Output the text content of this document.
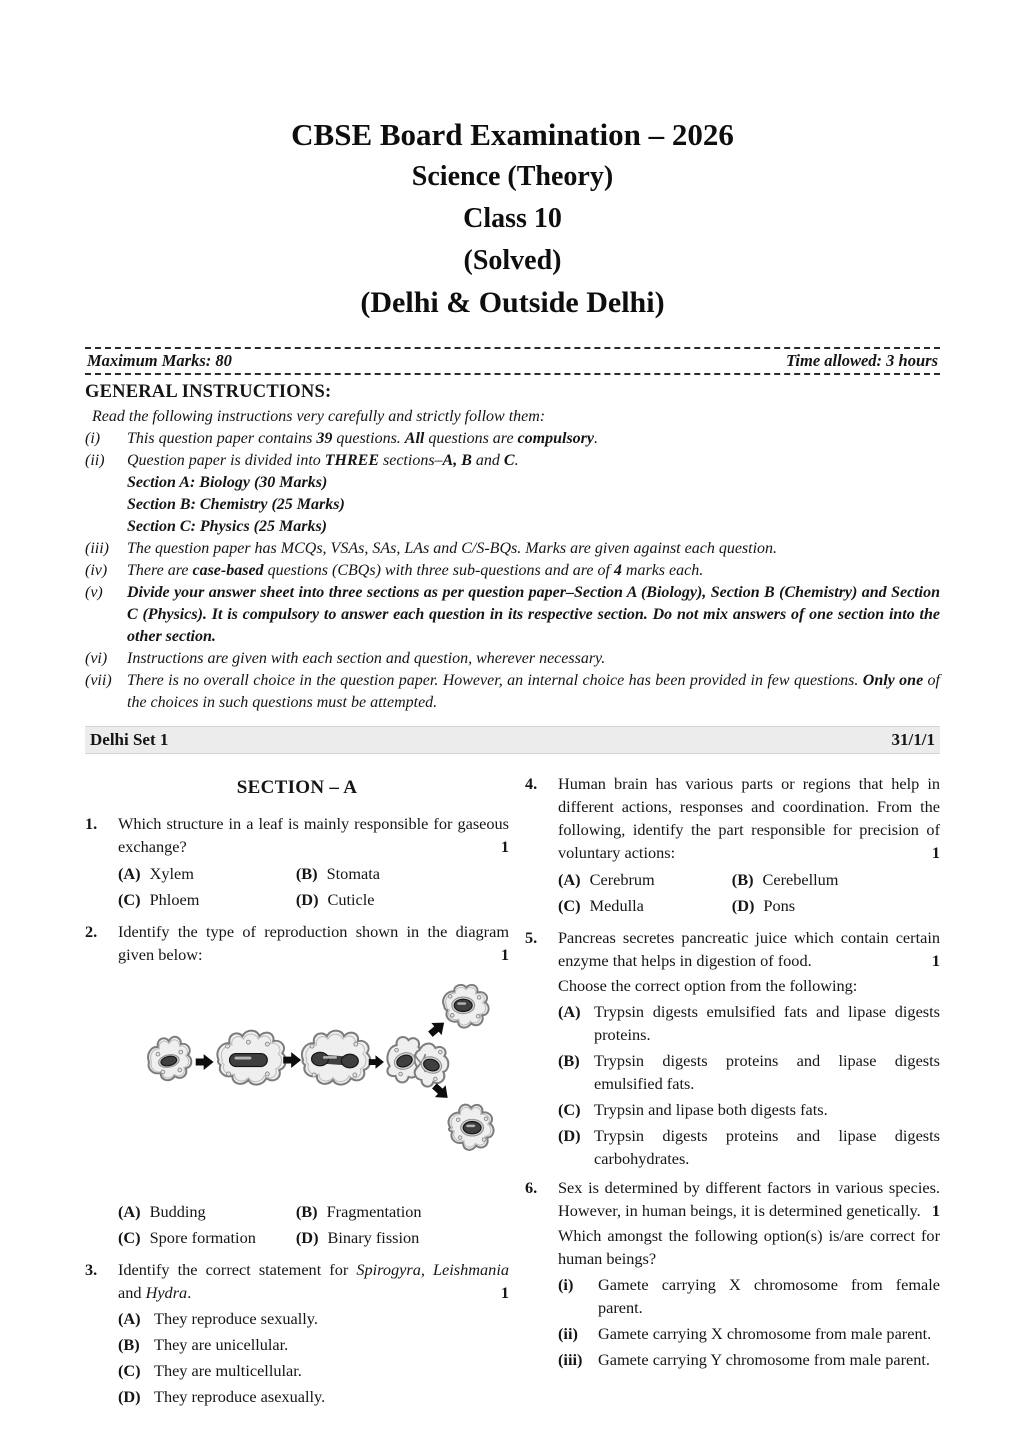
CBSE Board Examination – 2026
Science (Theory)
Class 10
(Solved)
(Delhi & Outside Delhi)
Maximum Marks: 80	Time allowed: 3 hours
GENERAL INSTRUCTIONS:
Read the following instructions very carefully and strictly follow them:
(i)	This question paper contains 39 questions. All questions are compulsory.
(ii)	Question paper is divided into THREE sections–A, B and C.
Section A: Biology (30 Marks)
Section B: Chemistry (25 Marks)
Section C: Physics (25 Marks)
(iii)	The question paper has MCQs, VSAs, SAs, LAs and C/S-BQs. Marks are given against each question.
(iv)	There are case-based questions (CBQs) with three sub-questions and are of 4 marks each.
(v)	Divide your answer sheet into three sections as per question paper–Section A (Biology), Section B (Chemistry) and Section C (Physics). It is compulsory to answer each question in its respective section. Do not mix answers of one section into the other section.
(vi)	Instructions are given with each section and question, wherever necessary.
(vii) There is no overall choice in the question paper. However, an internal choice has been provided in few questions. Only one of the choices in such questions must be attempted.
Delhi Set 1	31/1/1
SECTION – A
1.	Which structure in a leaf is mainly responsible for gaseous exchange?	1

(A) Xylem	(B) Stomata
(C) Phloem	(D) Cuticle
2.	Identify the type of reproduction shown in the diagram given below:	1

(A) Budding	(B) Fragmentation
(C) Spore formation (D) Binary fission
3.	Identify the correct statement for Spirogyra, Leishmania and Hydra.	1

(A) They reproduce sexually.
(B) They are unicellular.
(C) They are multicellular.
(D) They reproduce asexually.
4.	Human brain has various parts or regions that help in different actions, responses and coordination. From the following, identify the part responsible for precision of voluntary actions:	1

(A) Cerebrum	(B) Cerebellum
(C) Medulla	(D) Pons
5.	Pancreas secretes pancreatic juice which contain certain enzyme that helps in digestion of food.	1

Choose the correct option from the following:
(A) Trypsin digests emulsified fats and lipase digests proteins.
(B) Trypsin digests proteins and lipase digests emulsified fats.
(C) Trypsin and lipase both digests fats.
(D) Trypsin digests proteins and lipase digests carbohydrates.
6.	Sex is determined by different factors in various species. However, in human beings, it is determined genetically. 1

Which amongst the following option(s) is/are correct for human beings?
(i)	Gamete carrying X chromosome from female parent.
(ii)	Gamete carrying X chromosome from male parent.
(iii) Gamete carrying Y chromosome from male parent.
